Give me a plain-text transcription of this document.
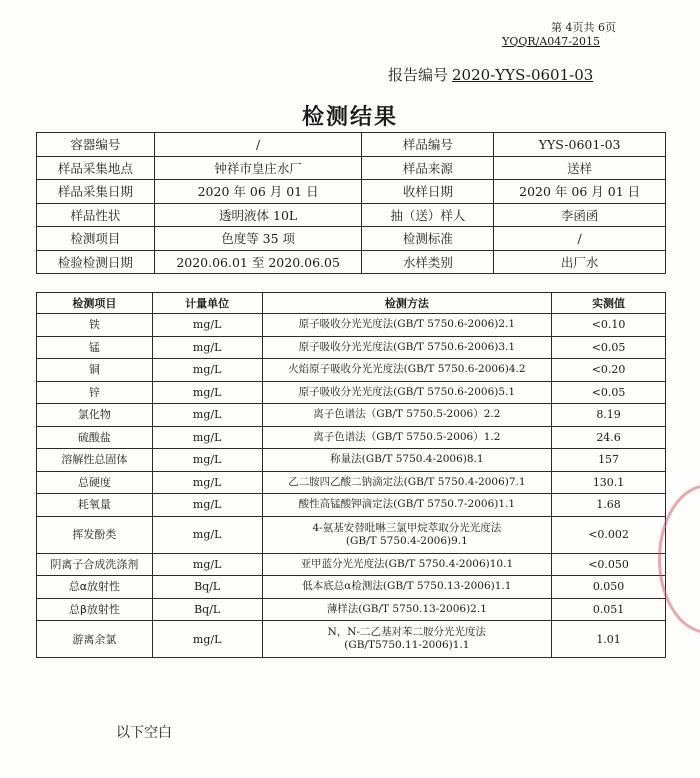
第 4页共 6页
YQQR/A047-2015
报告编号 2020-YYS-0601-03
检测结果
容器编号	/	样品编号	YYS-0601-03
样品采集地点	钟祥市皇庄水厂	样品来源	送样
样品采集日期	2020 年 06 月 01 日	收样日期	2020 年 06 月 01 日
样品性状	透明液体 10L	抽（送）样人	李函函
检测项目	色度等 35 项	检测标准	/
检验检测日期	2020.06.01 至 2020.06.05	水样类别	出厂水
检测项目	计量单位	检测方法	实测值
铁	mg/L	原子吸收分光光度法(GB/T 5750.6-2006)2.1	<0.10
锰	mg/L	原子吸收分光光度法(GB/T 5750.6-2006)3.1	<0.05
铜	mg/L	火焰原子吸收分光光度法(GB/T 5750.6-2006)4.2	<0.20
锌	mg/L	原子吸收分光光度法(GB/T 5750.6-2006)5.1	<0.05
氯化物	mg/L	离子色谱法（GB/T 5750.5-2006）2.2	8.19
硫酸盐	mg/L	离子色谱法（GB/T 5750.5-2006）1.2	24.6
溶解性总固体	mg/L	称量法(GB/T 5750.4-2006)8.1	157
总硬度	mg/L	乙二胺四乙酸二钠滴定法(GB/T 5750.4-2006)7.1	130.1
耗氧量	mg/L	酸性高锰酸钾滴定法(GB/T 5750.7-2006)1.1	1.68
挥发酚类	mg/L	4-氨基安替吡啉三氯甲烷萃取分光光度法
(GB/T 5750.4-2006)9.1	<0.002
阴离子合成洗涤剂	mg/L	亚甲蓝分光光度法(GB/T 5750.4-2006)10.1	<0.050
总α放射性	Bq/L	低本底总α检测法(GB/T 5750.13-2006)1.1	0.050
总β放射性	Bq/L	薄样法(GB/T 5750.13-2006)2.1	0.051
游离余氯	mg/L	N，N-二乙基对苯二胺分光光度法
(GB/T5750.11-2006)1.1	1.01
以下空白
